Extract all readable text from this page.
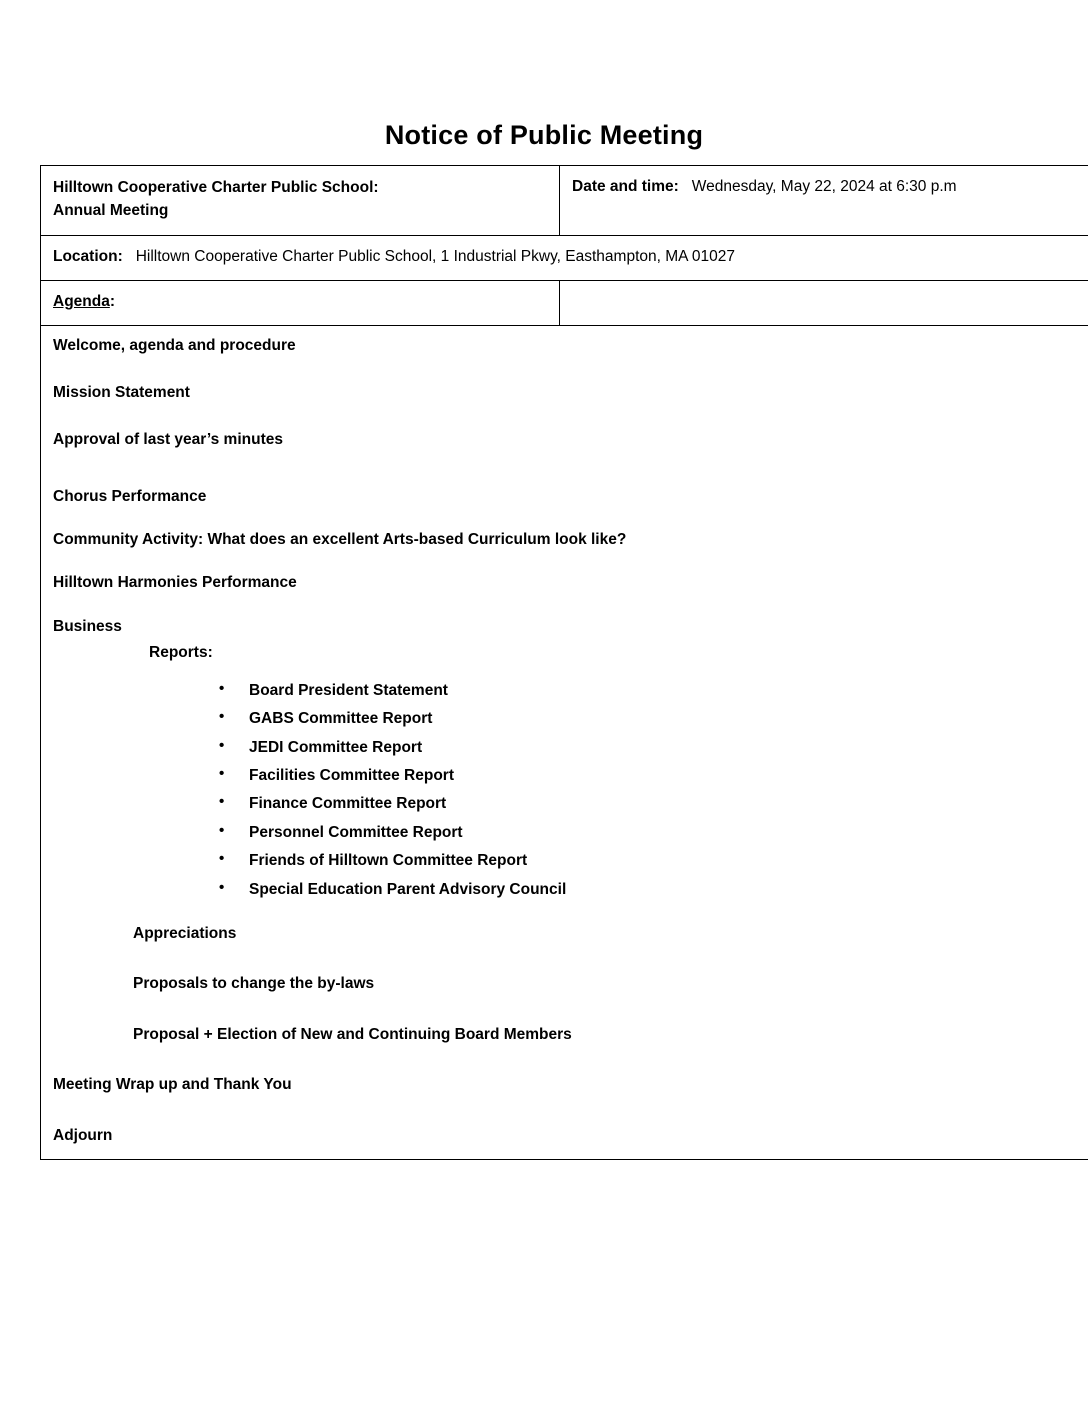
Notice of Public Meeting
Hilltown Cooperative Charter Public School:
Annual Meeting	Date and time: Wednesday, May 22, 2024 at 6:30 p.m
Location: Hilltown Cooperative Charter Public School, 1 Industrial Pkwy, Easthampton, MA 01027	
Agenda:	

Welcome, agenda and procedure
Mission Statement
Approval of last year’s minutes
Chorus Performance
Community Activity: What does an excellent Arts-based Curriculum look like?
Hilltown Harmonies Performance
Business
Reports:
• Board President Statement
• GABS Committee Report
• JEDI Committee Report
• Facilities Committee Report
• Finance Committee Report
• Personnel Committee Report
• Friends of Hilltown Committee Report
• Special Education Parent Advisory Council
Appreciations
Proposals to change the by-laws
Proposal + Election of New and Continuing Board Members
Meeting Wrap up and Thank You
Adjourn
